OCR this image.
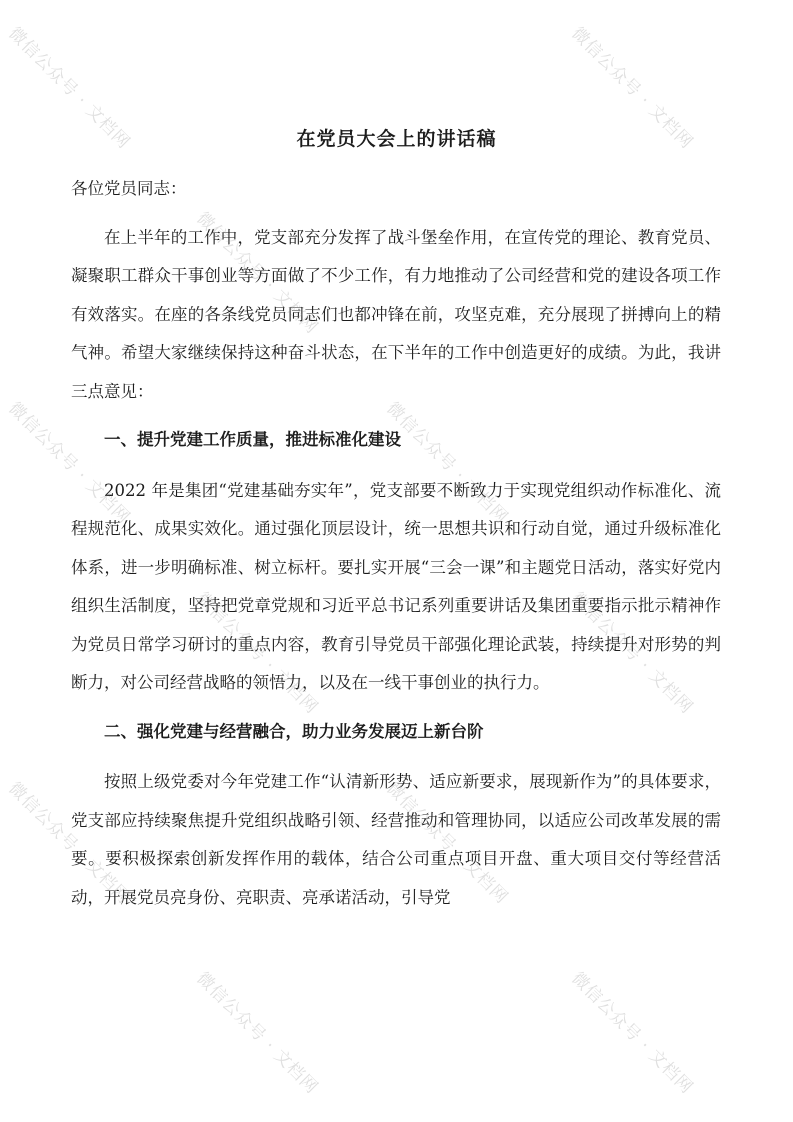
在党员大会上的讲话稿

各位党员同志：

在上半年的工作中，党支部充分发挥了战斗堡垒作用，在宣传党的理论、教育党员、凝聚职工群众干事创业等方面做了不少工作，有力地推动了公司经营和党的建设各项工作有效落实。在座的各条线党员同志们也都冲锋在前，攻坚克难，充分展现了拼搏向上的精气神。希望大家继续保持这种奋斗状态，在下半年的工作中创造更好的成绩。为此，我讲三点意见：

一、提升党建工作质量，推进标准化建设

2022 年是集团“党建基础夯实年”，党支部要不断致力于实现党组织动作标准化、流程规范化、成果实效化。通过强化顶层设计，统一思想共识和行动自觉，通过升级标准化体系，进一步明确标准、树立标杆。要扎实开展“三会一课”和主题党日活动，落实好党内组织生活制度，坚持把党章党规和习近平总书记系列重要讲话及集团重要指示批示精神作为党员日常学习研讨的重点内容，教育引导党员干部强化理论武装，持续提升对形势的判断力，对公司经营战略的领悟力，以及在一线干事创业的执行力。

二、强化党建与经营融合，助力业务发展迈上新台阶

按照上级党委对今年党建工作“认清新形势、适应新要求，展现新作为”的具体要求，党支部应持续聚焦提升党组织战略引领、经营推动和管理协同，以适应公司改革发展的需要。要积极探索创新发挥作用的载体，结合公司重点项目开盘、重大项目交付等经营活动，开展党员亮身份、亮职责、亮承诺活动，引导党

微信公众号 · 文档网	微信公众号 · 文档网
微信公众号 · 文档网
微信公众号 · 文档网	微信公众号 · 文档网
微信公众号 · 文档网	微信公众号 · 文档网
微信公众号 · 文档网	微信公众号 · 文档网
微信公众号 · 文档网	微信公众号 · 文档网
